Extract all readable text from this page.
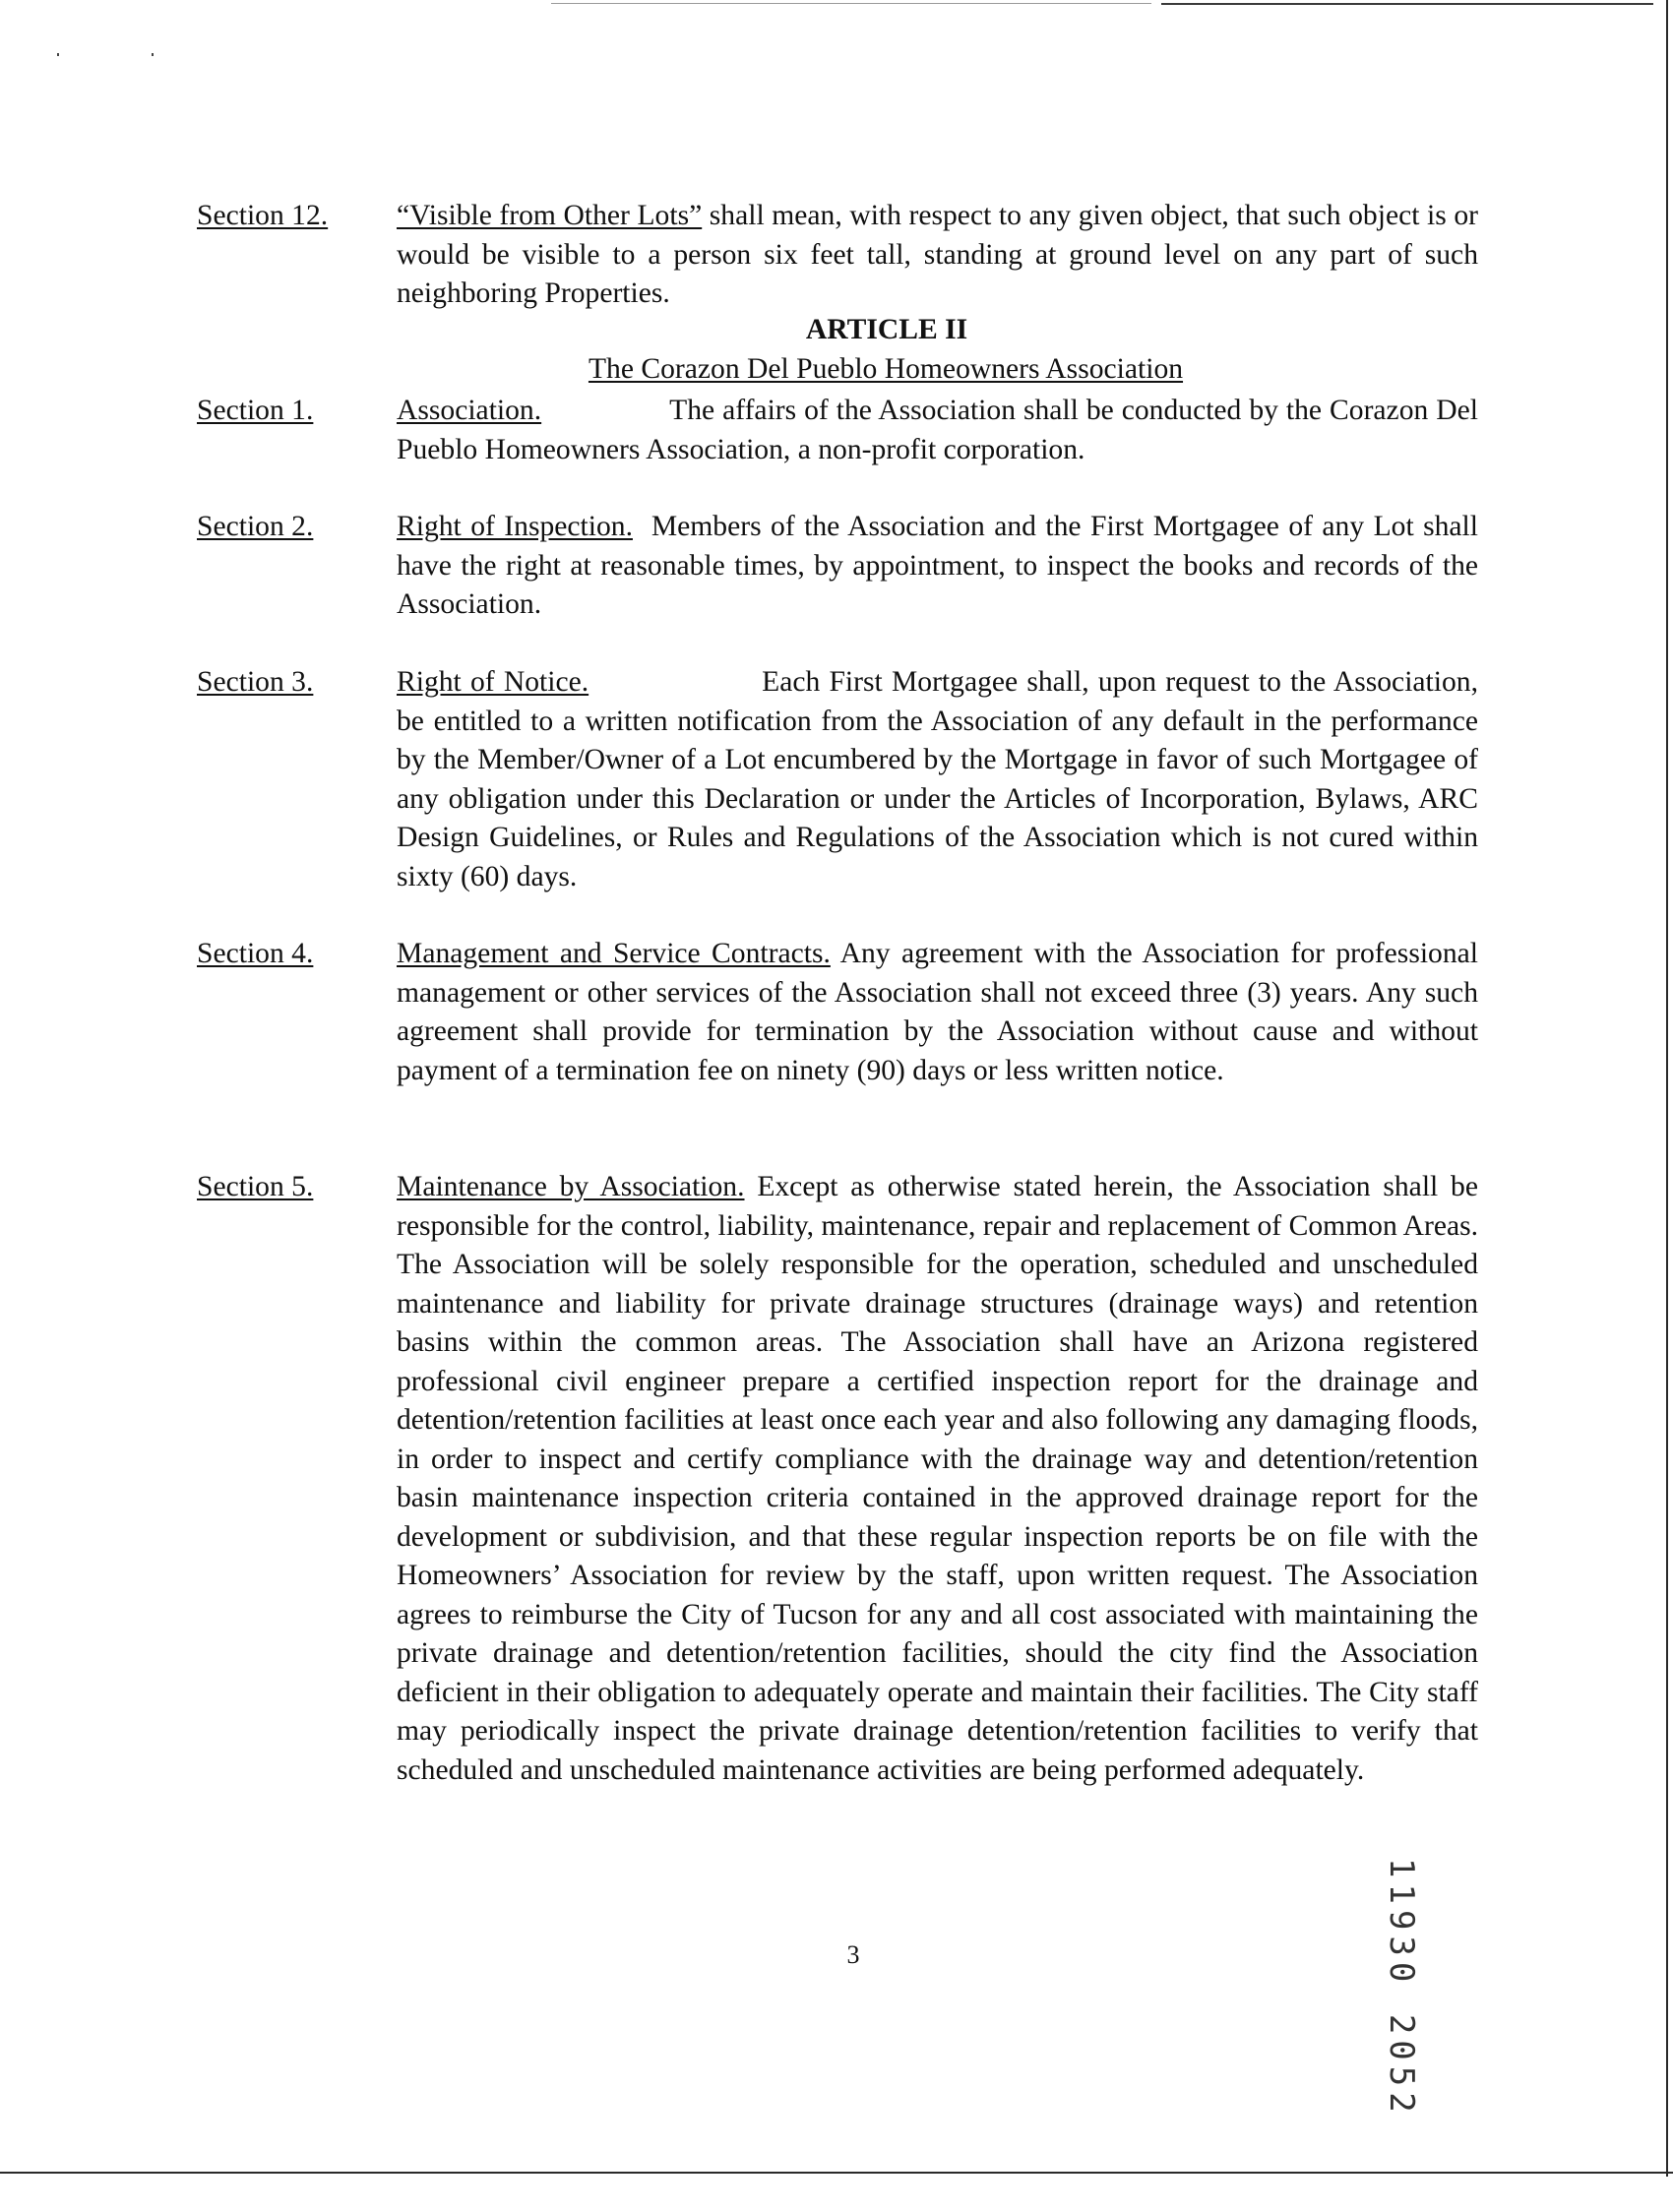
Section 12. “Visible from Other Lots” shall mean, with respect to any given object, that such object is or would be visible to a person six feet tall, standing at ground level on any part of such neighboring Properties.
ARTICLE II
The Corazon Del Pueblo Homeowners Association
Section 1.	Association.	The affairs of the Association shall be conducted by the Corazon Del Pueblo Homeowners Association, a non-profit corporation.
Section 2.	Right of Inspection. Members of the Association and the First Mortgagee of any Lot shall have the right at reasonable times, by appointment, to inspect the books and records of the Association.
Section 3.	Right of Notice.	Each First Mortgagee shall, upon request to the Association, be entitled to a written notification from the Association of any default in the performance by the Member/Owner of a Lot encumbered by the Mortgage in favor of such Mortgagee of any obligation under this Declaration or under the Articles of Incorporation, Bylaws, ARC Design Guidelines, or Rules and Regulations of the Association which is not cured within sixty (60) days.
Section 4.	Management and Service Contracts. Any agreement with the Association for professional management or other services of the Association shall not exceed three (3) years. Any such agreement shall provide for termination by the Association without cause and without payment of a termination fee on ninety (90) days or less written notice.
Section 5.	Maintenance by Association. Except as otherwise stated herein, the Association shall be responsible for the control, liability, maintenance, repair and replacement of Common Areas. The Association will be solely responsible for the operation, scheduled and unscheduled maintenance and liability for private drainage structures (drainage ways) and retention basins within the common areas. The Association shall have an Arizona registered professional civil engineer prepare a certified inspection report for the drainage and detention/retention facilities at least once each year and also following any damaging floods, in order to inspect and certify compliance with the drainage way and detention/retention basin maintenance inspection criteria contained in the approved drainage report for the development or subdivision, and that these regular inspection reports be on file with the Homeowners’ Association for review by the staff, upon written request. The Association agrees to reimburse the City of Tucson for any and all cost associated with maintaining the private drainage and detention/retention facilities, should the city find the Association deficient in their obligation to adequately operate and maintain their facilities. The City staff may periodically inspect the private drainage detention/retention facilities to verify that scheduled and unscheduled maintenance activities are being performed adequately.
3	11930 2052
